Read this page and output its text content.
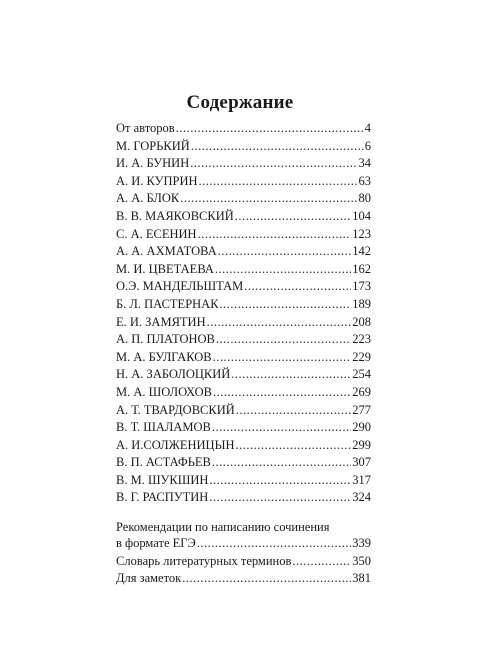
Содержание
От авторов .....	4
М. ГОРЬКИЙ .....	6
И. А. БУНИН .....	34
А. И. КУПРИН .....	63
А. А. БЛОК .....	80
В. В. МАЯКОВСКИЙ .....	104
С. А. ЕСЕНИН .....	123
А. А. АХМАТОВА .....	142
М. И. ЦВЕТАЕВА .....	162
О.Э. МАНДЕЛЬШТАМ .....	173
Б. Л. ПАСТЕРНАК .....	189
Е. И. ЗАМЯТИН .....	208
А. П. ПЛАТОНОВ .....	223
М. А. БУЛГАКОВ .....	229
Н. А. ЗАБОЛОЦКИЙ .....	254
М. А. ШОЛОХОВ .....	269
А. Т. ТВАРДОВСКИЙ .....	277
В. Т. ШАЛАМОВ .....	290
А. И.СОЛЖЕНИЦЫН .....	299
В. П. АСТАФЬЕВ .....	307
В. М. ШУКШИН .....	317
В. Г. РАСПУТИН .....	324
Рекомендации по написанию сочинения
в формате ЕГЭ .....	339
Словарь литературных терминов .....	350
Для заметок .....	381
